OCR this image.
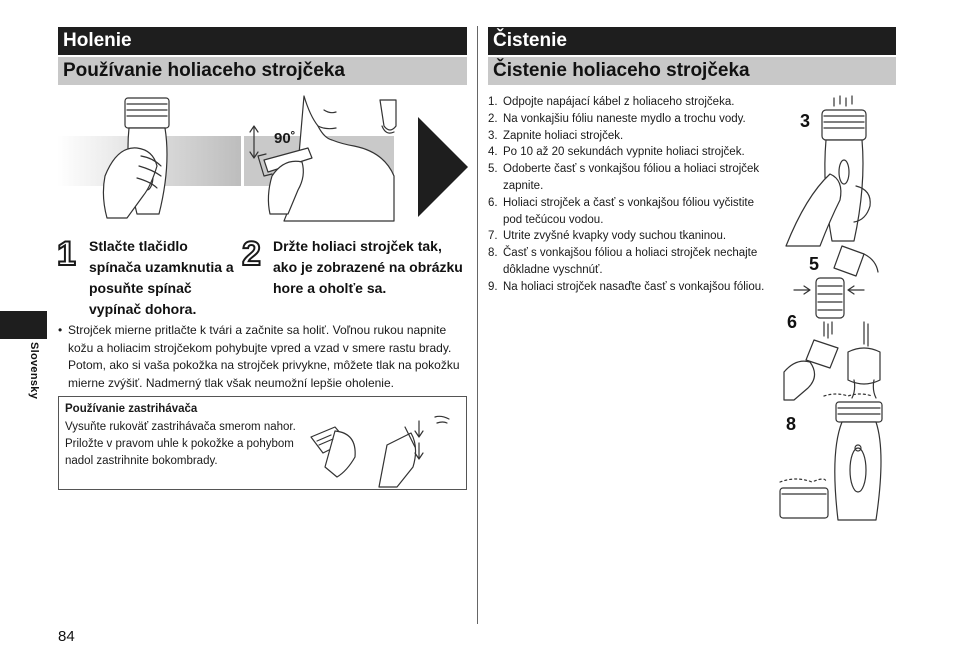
Holenie
Používanie holiaceho strojčeka
Čistenie
Čistenie holiaceho strojčeka
Slovensky
90˚
1 Stlačte tlačidlo spínača uzamknutia a posuňte spínač vypínač dohora.
2 Držte holiaci strojček tak, ako je zobrazené na obrázku hore a oholťe sa.
• Strojček mierne pritlačte k tvári a začnite sa holiť. Voľnou rukou napnite kožu a holiacim strojčekom pohybujte vpred a vzad v smere rastu brady. Potom, ako si vaša pokožka na strojček privykne, môžete tlak na pokožku mierne zvýšiť. Nadmerný tlak však neumožní lepšie oholenie.
Používanie zastrihávača
Vysuňte rukoväť zastrihávača smerom nahor. Priložte v pravom uhle k pokožke a pohybom nadol zastrihnite bokombrady.
1. Odpojte napájací kábel z holiaceho strojčeka.
2. Na vonkajšiu fóliu naneste mydlo a trochu vody.
3. Zapnite holiaci strojček.
4. Po 10 až 20 sekundách vypnite holiaci strojček.
5. Odoberte časť s vonkajšou fóliou a holiaci strojček zapnite.
6. Holiaci strojček a časť s vonkajšou fóliou vyčistite pod tečúcou vodou.
7. Utrite zvyšné kvapky vody suchou tkaninou.
8. Časť s vonkajšou fóliou a holiaci strojček nechajte dôkladne vyschnúť.
9. Na holiaci strojček nasaďte časť s vonkajšou fóliou.
3
5
6
8
84
